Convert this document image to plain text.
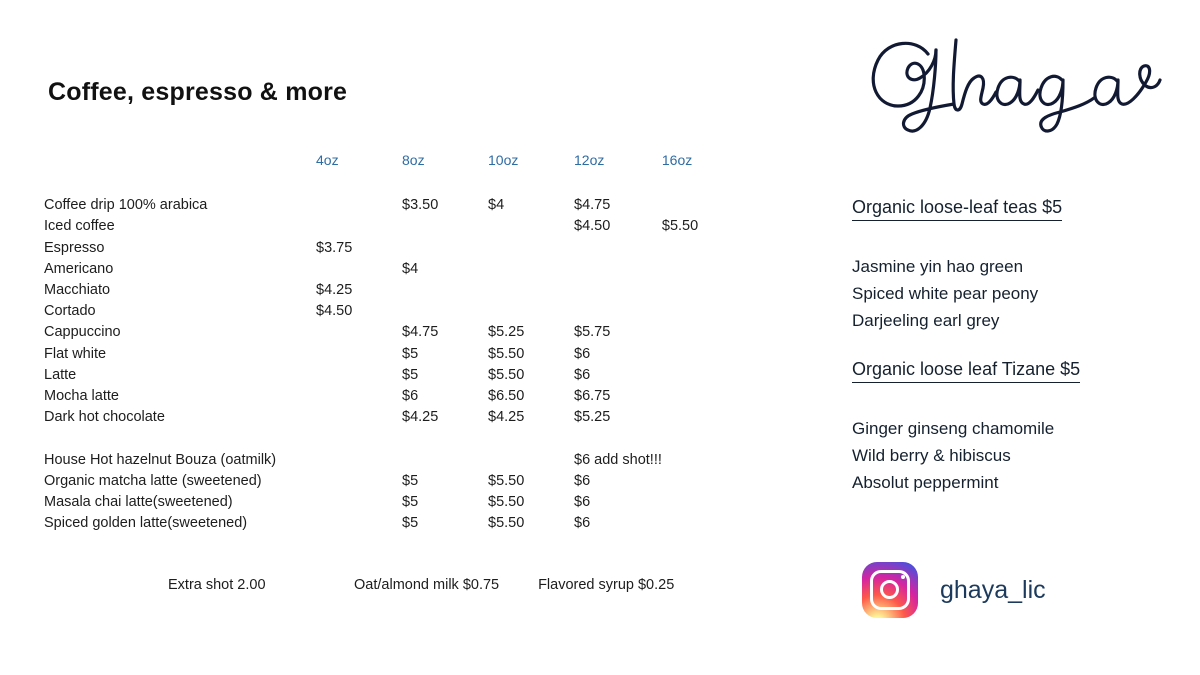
Coffee, espresso & more
	4oz	8oz	10oz	12oz	16oz
Coffee drip 100% arabica		$3.50	$4	$4.75	
Iced coffee				$4.50	$5.50
Espresso	$3.75				
Americano		$4			
Macchiato	$4.25				
Cortado	$4.50				
Cappuccino		$4.75	$5.25	$5.75	
Flat white		$5	$5.50	$6	
Latte		$5	$5.50	$6	
Mocha latte		$6	$6.50	$6.75	
Dark hot chocolate		$4.25	$4.25	$5.25	

House Hot hazelnut Bouza (oatmilk)				$6 add shot!!!	
Organic matcha latte (sweetened)		$5	$5.50	$6	
Masala chai latte(sweetened)		$5	$5.50	$6	
Spiced golden latte(sweetened)		$5	$5.50	$6	
Extra shot 2.00	Oat/almond milk $0.75	Flavored syrup $0.25
Organic loose-leaf teas $5
Jasmine yin hao green
Spiced white pear peony
Darjeeling earl grey
Organic loose leaf Tizane $5
Ginger ginseng chamomile
Wild berry & hibiscus
Absolut peppermint
ghaya_lic
